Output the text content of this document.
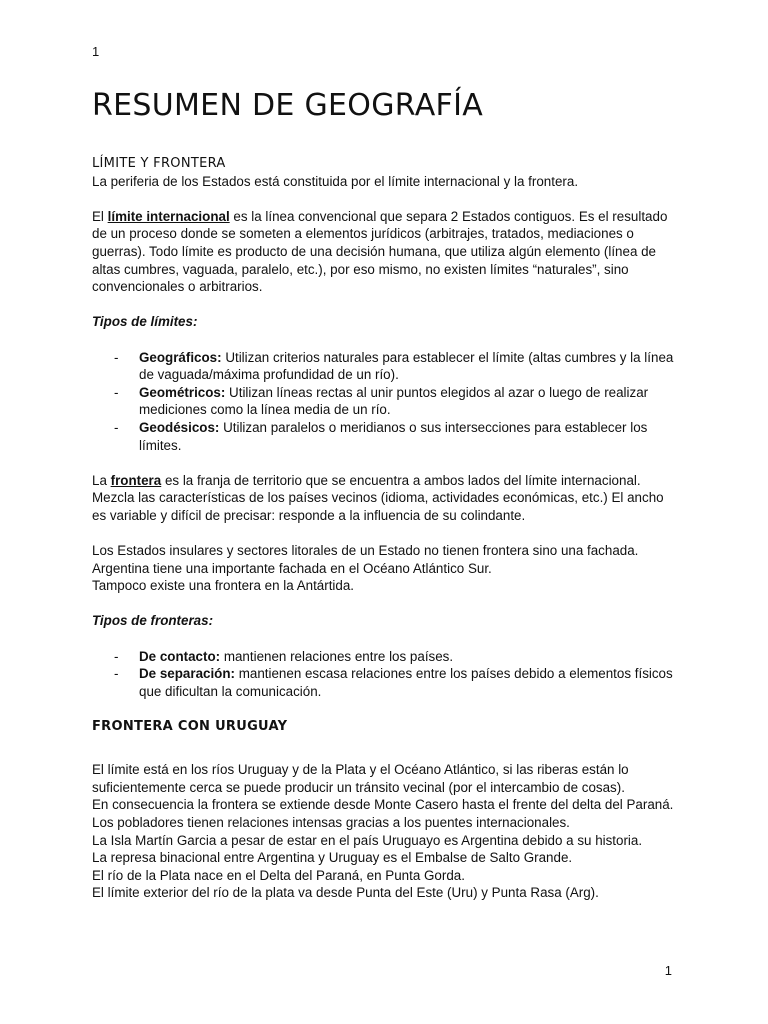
1
RESUMEN DE GEOGRAFÍA

LÍMITE Y FRONTERA

La periferia de los Estados está constituida por el límite internacional y la frontera.

El límite internacional es la línea convencional que separa 2 Estados contiguos. Es el resultado de un proceso donde se someten a elementos jurídicos (arbitrajes, tratados, mediaciones o guerras). Todo límite es producto de una decisión humana, que utiliza algún elemento (línea de altas cumbres, vaguada, paralelo, etc.), por eso mismo, no existen límites “naturales”, sino convencionales o arbitrarios.

Tipos de límites:

- Geográficos: Utilizan criterios naturales para establecer el límite (altas cumbres y la línea de vaguada/máxima profundidad de un río).
- Geométricos: Utilizan líneas rectas al unir puntos elegidos al azar o luego de realizar mediciones como la línea media de un río.
- Geodésicos: Utilizan paralelos o meridianos o sus intersecciones para establecer los límites.

La frontera es la franja de territorio que se encuentra a ambos lados del límite internacional. Mezcla las características de los países vecinos (idioma, actividades económicas, etc.) El ancho es variable y difícil de precisar: responde a la influencia de su colindante.

Los Estados insulares y sectores litorales de un Estado no tienen frontera sino una fachada.

Argentina tiene una importante fachada en el Océano Atlántico Sur.

Tampoco existe una frontera en la Antártida.

Tipos de fronteras:

- De contacto: mantienen relaciones entre los países.
- De separación: mantienen escasa relaciones entre los países debido a elementos físicos que dificultan la comunicación.

FRONTERA CON URUGUAY

El límite está en los ríos Uruguay y de la Plata y el Océano Atlántico, si las riberas están lo suficientemente cerca se puede producir un tránsito vecinal (por el intercambio de cosas).

En consecuencia la frontera se extiende desde Monte Casero hasta el frente del delta del Paraná. Los pobladores tienen relaciones intensas gracias a los puentes internacionales.

La Isla Martín Garcia a pesar de estar en el país Uruguayo es Argentina debido a su historia.

La represa binacional entre Argentina y Uruguay es el Embalse de Salto Grande.

El río de la Plata nace en el Delta del Paraná, en Punta Gorda.

El límite exterior del río de la plata va desde Punta del Este (Uru) y Punta Rasa (Arg).

1
